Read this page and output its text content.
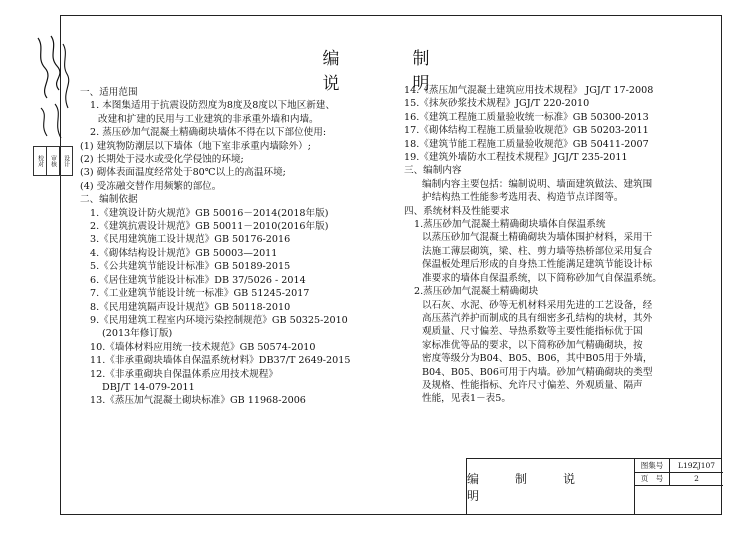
校对	审核	设计
编　制　说　明
一、适用范围
1. 本图集适用于抗震设防烈度为8度及8度以下地区新建、
改建和扩建的民用与工业建筑的非承重外墙和内墙。
2. 蒸压砂加气混凝土精确砌块墙体不得在以下部位使用:
(1) 建筑物防潮层以下墙体（地下室非承重内墙除外）;
(2) 长期处于浸水或受化学侵蚀的环境;
(3) 砌体表面温度经常处于80℃以上的高温环境;
(4) 受冻融交替作用频繁的部位。
二、编制依据
1.《建筑设计防火规范》GB 50016－2014(2018年版)
2.《建筑抗震设计规范》GB 50011－2010(2016年版)
3.《民用建筑施工设计规范》GB 50176-2016
4.《砌体结构设计规范》GB 50003—2011
5.《公共建筑节能设计标准》GB 50189-2015
6.《居住建筑节能设计标准》DB 37/5026 - 2014
7.《工业建筑节能设计统一标准》GB 51245-2017
8.《民用建筑隔声设计规范》GB 50118-2010
9.《民用建筑工程室内环境污染控制规范》GB 50325-2010
(2013年修订版)
10.《墙体材料应用统一技术规范》GB 50574-2010
11.《非承重砌块墙体自保温系统材料》DB37/T 2649-2015
12.《非承重砌块自保温体系应用技术规程》
DBJ/T 14-079-2011
13.《蒸压加气混凝土砌块标准》GB 11968-2006
14.《蒸压加气混凝土建筑应用技术规程》 JGJ/T 17-2008
15.《抹灰砂浆技术规程》JGJ/T 220-2010
16.《建筑工程施工质量验收统一标准》GB 50300-2013
17.《砌体结构工程施工质量验收规范》GB 50203-2011
18.《建筑节能工程施工质量验收规范》GB 50411-2007
19.《建筑外墙防水工程技术规程》JGJ/T 235-2011
三、编制内容
编制内容主要包括：编制说明、墙面建筑做法、建筑围
护结构热工性能参考选用表、构造节点详图等。
四、系统材料及性能要求
1.蒸压砂加气混凝土精确砌块墙体自保温系统
以蒸压砂加气混凝土精确砌块为墙体围护材料，采用干
法施工薄层砌筑，梁、柱、剪力墙等热桥部位采用复合
保温板处理后形成的自身热工性能满足建筑节能设计标
准要求的墙体自保温系统，以下简称砂加气自保温系统。
2.蒸压砂加气混凝土精确砌块
以石灰、水泥、砂等无机材料采用先进的工艺设备，经
高压蒸汽养护而制成的具有细密多孔结构的块材，其外
观质量、尺寸偏差、导热系数等主要性能指标优于国
家标准优等品的要求，以下简称砂加气精确砌块，按
密度等级分为B04、B05、B06，其中B05用于外墙，
B04、B05、B06可用于内墙。砂加气精确砌块的类型
及规格、性能指标、允许尺寸偏差、外观质量、隔声
性能，见表1－表5。
编　制　说　明
图集号	L19ZJ107
页　号	2
